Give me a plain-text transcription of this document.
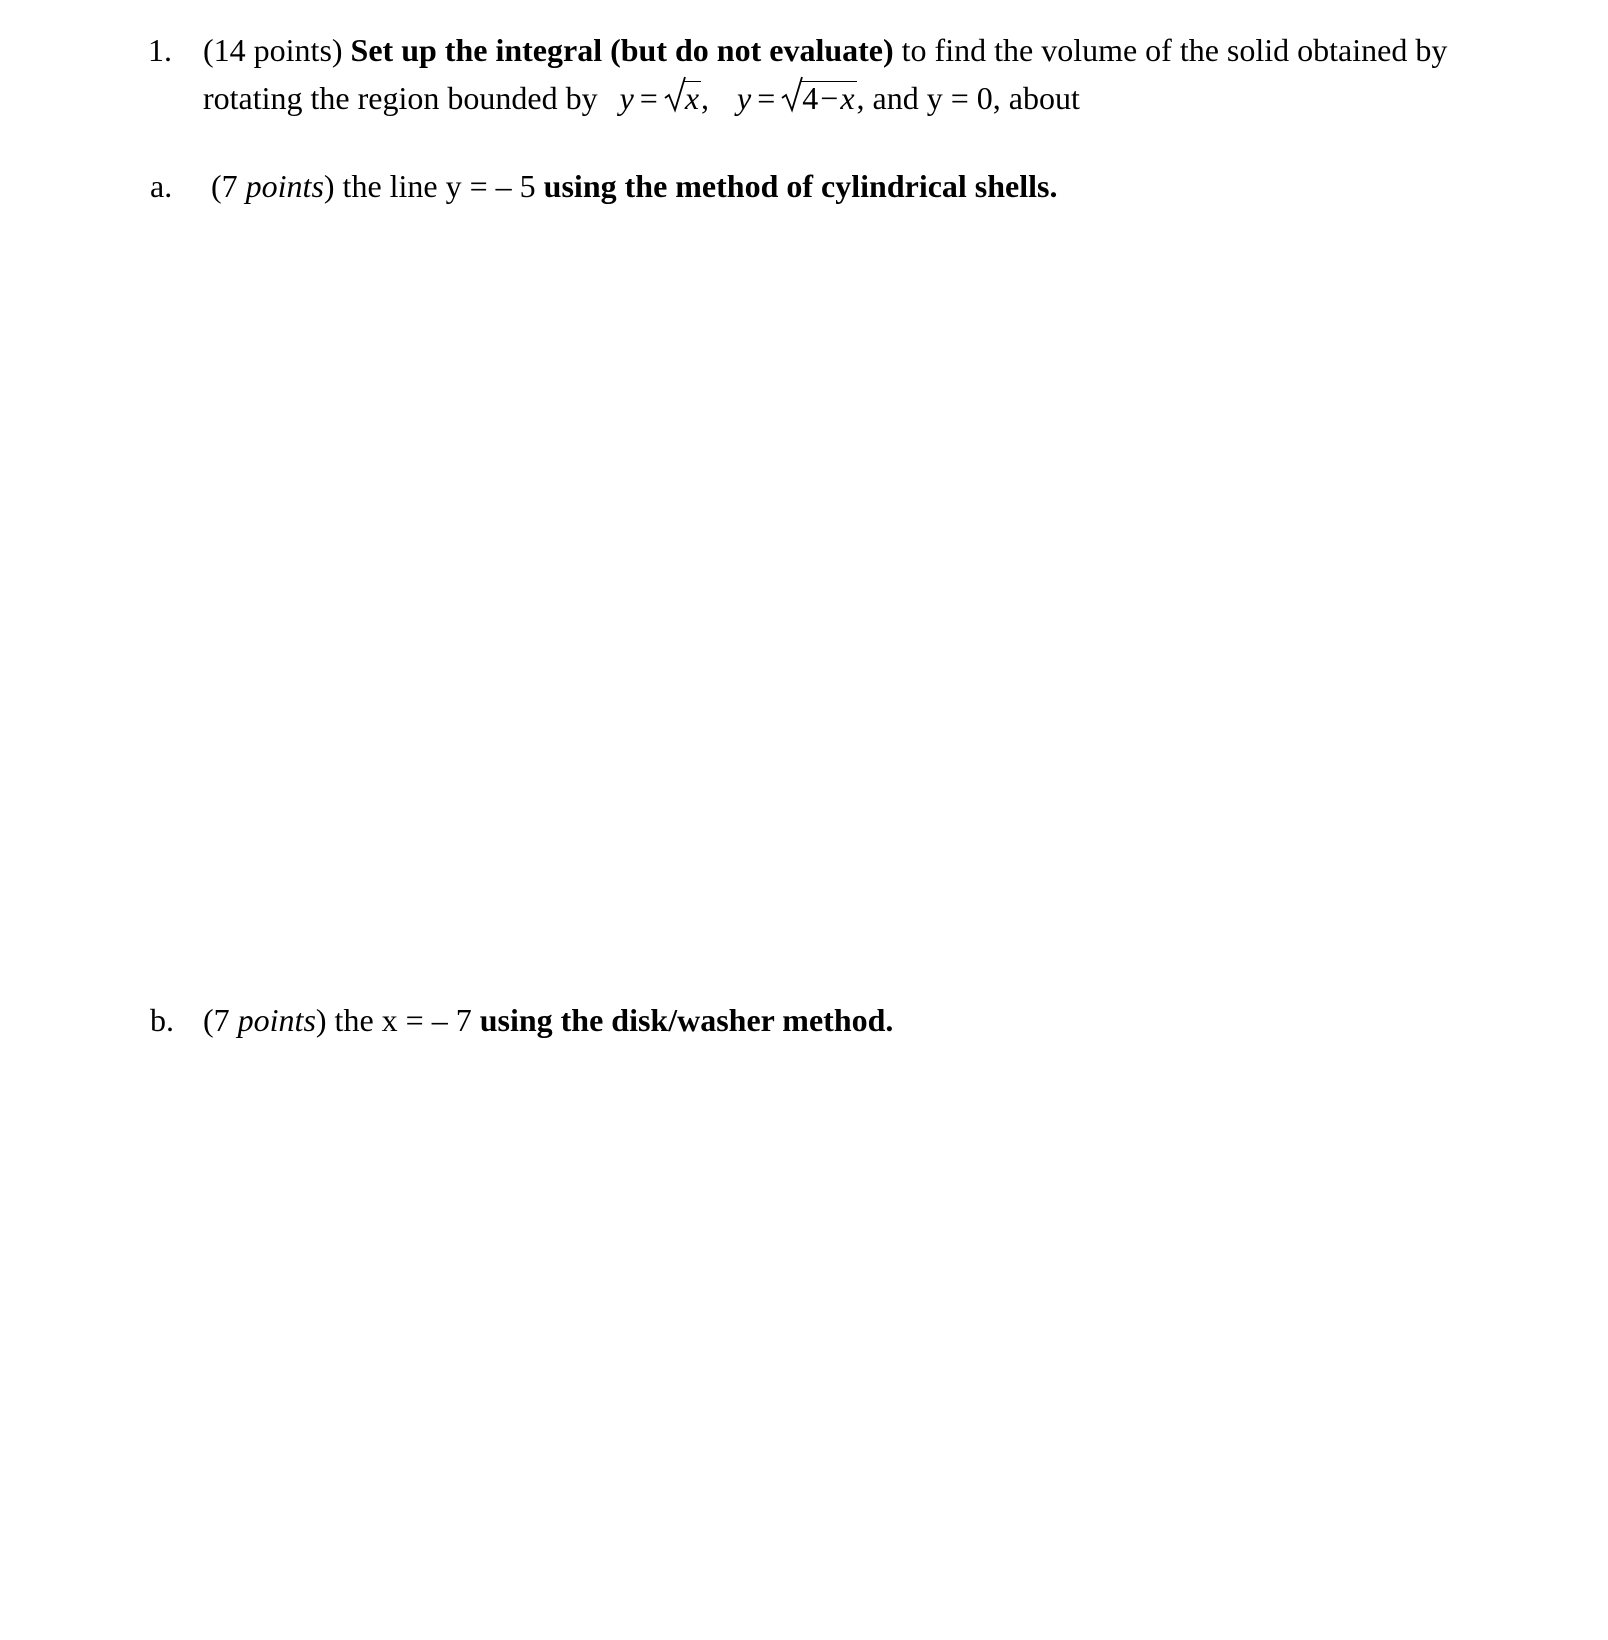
1. (14 points) Set up the integral (but do not evaluate) to find the volume of the solid obtained by
rotating the region bounded by y = x, y = 4−x, and y = 0, about
a. (7 points) the line y = – 5 using the method of cylindrical shells.
b. (7 points) the x = – 7 using the disk/washer method.
